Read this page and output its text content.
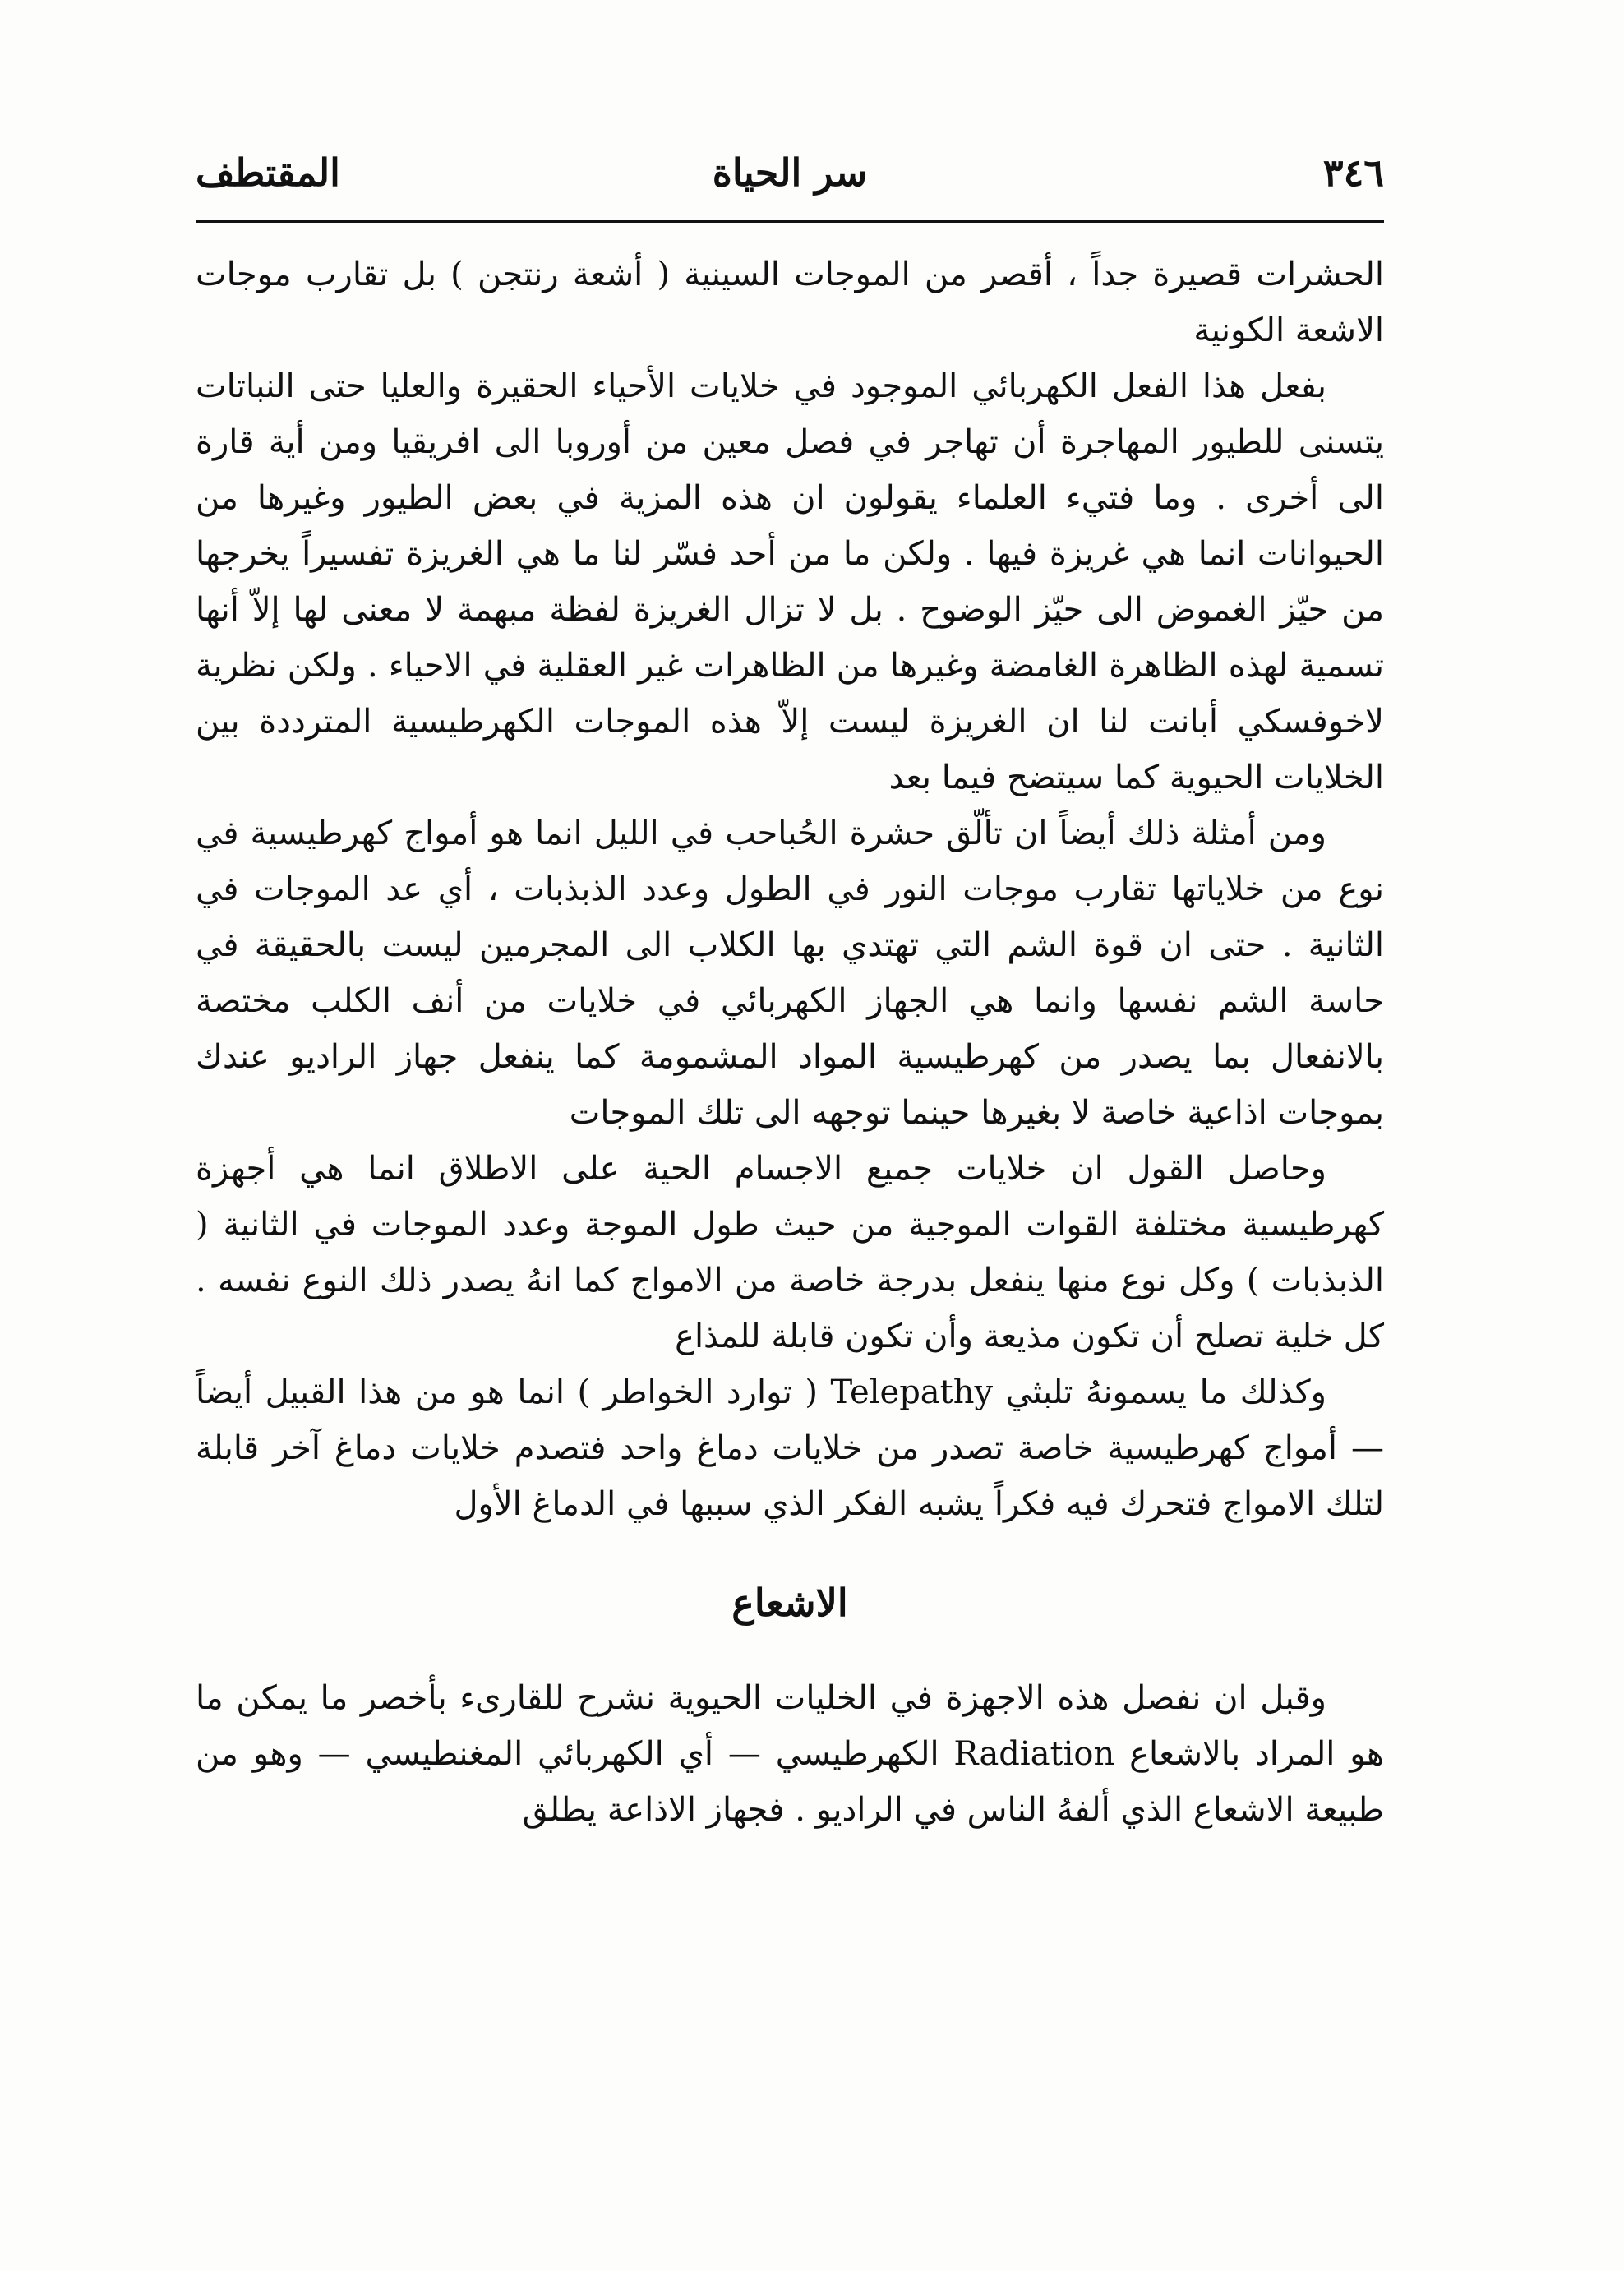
٣٤٦
سر الحياة
المقتطف

الحشرات قصيرة جداً ، أقصر من الموجات السينية ( أشعة رنتجن ) بل تقارب موجات الاشعة الكونية

بفعل هذا الفعل الكهربائي الموجود في خلايات الأحياء الحقيرة والعليا حتى النباتات يتسنى للطيور المهاجرة أن تهاجر في فصل معين من أوروبا الى افريقيا ومن أية قارة الى أخرى . وما فتيء العلماء يقولون ان هذه المزية في بعض الطيور وغيرها من الحيوانات انما هي غريزة فيها . ولكن ما من أحد فسّر لنا ما هي الغريزة تفسيراً يخرجها من حيّز الغموض الى حيّز الوضوح . بل لا تزال الغريزة لفظة مبهمة لا معنى لها إلاّ أنها تسمية لهذه الظاهرة الغامضة وغيرها من الظاهرات غير العقلية في الاحياء . ولكن نظرية لاخوفسكي أبانت لنا ان الغريزة ليست إلاّ هذه الموجات الكهرطيسية المترددة بين الخلايات الحيوية كما سيتضح فيما بعد

ومن أمثلة ذلك أيضاً ان تألّق حشرة الحُباحب في الليل انما هو أمواج كهرطيسية في نوع من خلاياتها تقارب موجات النور في الطول وعدد الذبذبات ، أي عد الموجات في الثانية . حتى ان قوة الشم التي تهتدي بها الكلاب الى المجرمين ليست بالحقيقة في حاسة الشم نفسها وانما هي الجهاز الكهربائي في خلايات من أنف الكلب مختصة بالانفعال بما يصدر من كهرطيسية المواد المشمومة كما ينفعل جهاز الراديو عندك بموجات اذاعية خاصة لا بغيرها حينما توجهه الى تلك الموجات

وحاصل القول ان خلايات جميع الاجسام الحية على الاطلاق انما هي أجهزة كهرطيسية مختلفة القوات الموجية من حيث طول الموجة وعدد الموجات في الثانية ( الذبذبات ) وكل نوع منها ينفعل بدرجة خاصة من الامواج كما انهُ يصدر ذلك النوع نفسه . كل خلية تصلح أن تكون مذيعة وأن تكون قابلة للمذاع

وكذلك ما يسمونهُ تلبثي Telepathy ( توارد الخواطر ) انما هو من هذا القبيل أيضاً — أمواج كهرطيسية خاصة تصدر من خلايات دماغ واحد فتصدم خلايات دماغ آخر قابلة لتلك الامواج فتحرك فيه فكراً يشبه الفكر الذي سببها في الدماغ الأول

الاشعاع

وقبل ان نفصل هذه الاجهزة في الخليات الحيوية نشرح للقارىء بأخصر ما يمكن ما هو المراد بالاشعاع Radiation الكهرطيسي — أي الكهربائي المغنطيسي — وهو من طبيعة الاشعاع الذي ألفهُ الناس في الراديو . فجهاز الاذاعة يطلق
